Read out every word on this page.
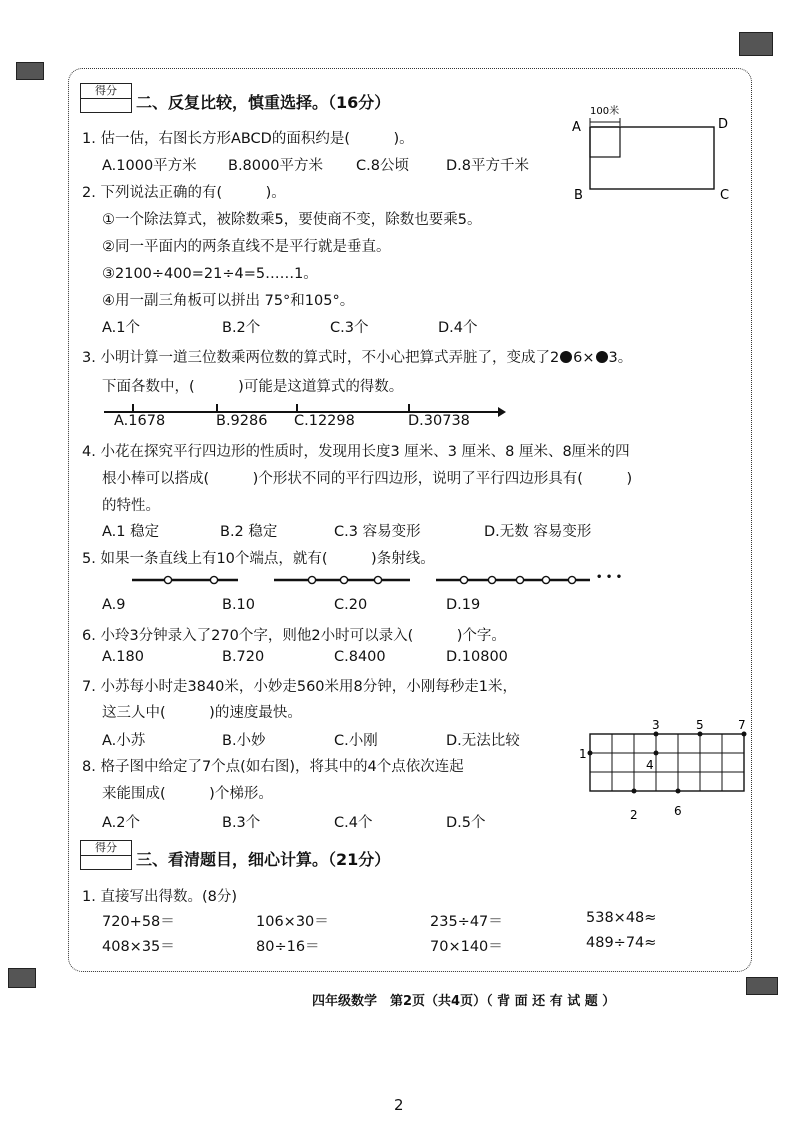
得分
二、反复比较，慎重选择。（16分）
1. 估一估，右图长方形ABCD的面积约是(　　　)。
A.1000平方米 B.8000平方米 C.8公顷	D.8平方千米
100米
A	D
B	C
2. 下列说法正确的有(　　　)。
①一个除法算式，被除数乘5，要使商不变，除数也要乘5。
②同一平面内的两条直线不是平行就是垂直。
③2100÷400=21÷4=5……1。
④用一副三角板可以拼出 75°和105°。
A.1个	B.2个	C.3个	D.4个
3. 小明计算一道三位数乘两位数的算式时，不小心把算式弄脏了，变成了2 6× 3。
下面各数中，(　　　)可能是这道算式的得数。
A.1678	B.9286 C.12298	D.30738
4. 小花在探究平行四边形的性质时，发现用长度3 厘米、3 厘米、8 厘米、8厘米的四
根小棒可以搭成(　　　)个形状不同的平行四边形，说明了平行四边形具有(　　　)
的特性。
A.1 稳定	B.2 稳定	C.3 容易变形	D.无数 容易变形
5. 如果一条直线上有10个端点，就有(　　　)条射线。
• • •
A.9	B.10	C.20	D.19
6. 小玲3分钟录入了270个字，则他2小时可以录入(　　　)个字。
A.180	B.720	C.8400	D.10800
7. 小苏每小时走3840米，小妙走560米用8分钟，小刚每秒走1米，
这三人中(　　　)的速度最快。
A.小苏	B.小妙	C.小刚	D.无法比较
8. 格子图中给定了7个点(如右图)，将其中的4个点依次连起
来能围成(　　　)个梯形。
A.2个	B.3个	C.4个	D.5个
1
2
3
4
5
6
7
得分
三、看清题目，细心计算。（21分）
1. 直接写出得数。(8分)
720+58＝	106×30＝	235÷47＝	538×48≈
408×35＝	80÷16＝	70×140＝	489÷74≈
四年级数学　第2页（共4页）（ 背 面 还 有 试 题 ）
2
